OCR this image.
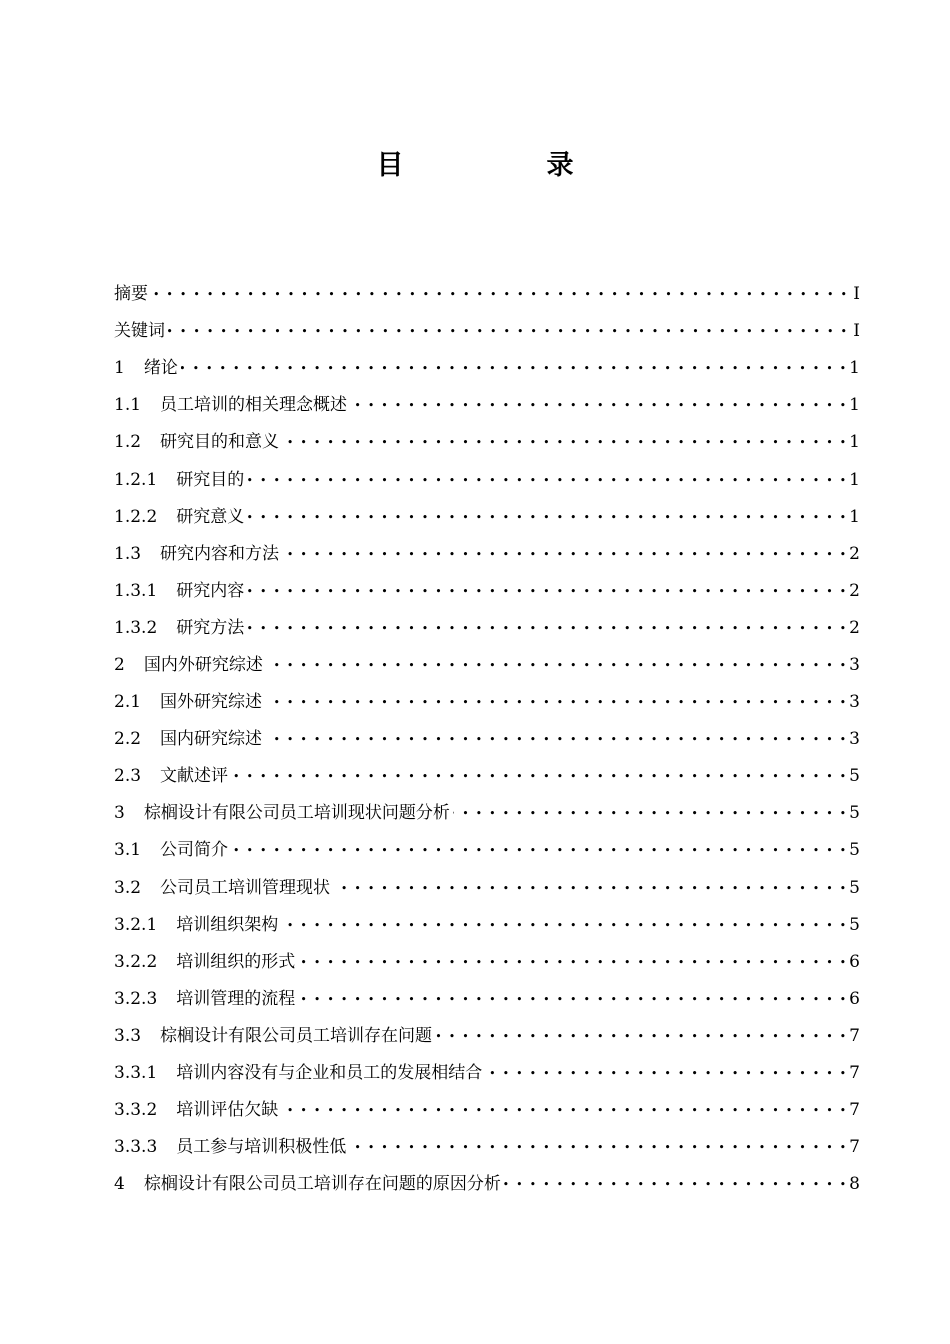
目　录
摘要 • •	I
关键词 • •	I
1 绪论 • •	1
1.1 员工培训的相关理念概述 • •	1
1.2 研究目的和意义 • •	1
1.2.1 研究目的 • •	1
1.2.2 研究意义 • •	1
1.3 研究内容和方法 • •	2
1.3.1 研究内容 • •	2
1.3.2 研究方法 • •	2
2 国内外研究综述 • •	3
2.1 国外研究综述 • •	3
2.2 国内研究综述 • •	3
2.3 文献述评 • •	5
3 棕榈设计有限公司员工培训现状问题分析 • •	5
3.1 公司简介 • •	5
3.2 公司员工培训管理现状 • •	5
3.2.1 培训组织架构 • •	5
3.2.2 培训组织的形式 • •	6
3.2.3 培训管理的流程 • •	6
3.3 棕榈设计有限公司员工培训存在问题 • •	7
3.3.1 培训内容没有与企业和员工的发展相结合 • •	7
3.3.2 培训评估欠缺 • •	7
3.3.3 员工参与培训积极性低 • •	7
4 棕榈设计有限公司员工培训存在问题的原因分析 • •	8
